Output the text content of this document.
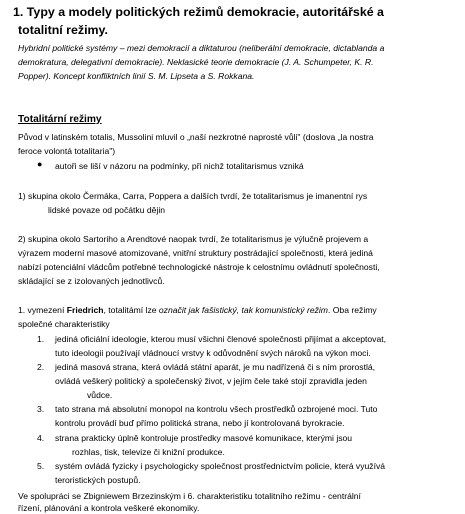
1. Typy a modely politických režimů demokracie, autoritářské a
totalitní režimy.
Hybridní politické systémy – mezi demokracií a diktaturou (neliberální demokracie, dictablanda a
demokratura, delegativní demokracie). Neklasické teorie demokracie (J. A. Schumpeter, K. R.
Popper). Koncept konfliktních linií S. M. Lipseta a S. Rokkana.
Totalitární režimy
Původ v latinském totalis, Mussolini mluvil o „naší nezkrotné naprosté vůli" (doslova „la nostra
feroce volontá totalitaria")
● autoři se liší v názoru na podmínky, při nichž totalitarismus vzniká
1) skupina okolo Čermáka, Carra, Poppera a dalších tvrdí, že totalitarismus je imanentní rys
lidské povaze od počátku dějin
2) skupina okolo Sartoriho a Arendtové naopak tvrdí, že totalitarismus je výlučně projevem a
výrazem moderní masové atomizované, vnitřní struktury postrádající společnosti, která jediná
nabízí potenciální vládcům potřebné technologické nástroje k celostnímu ovládnutí společnosti,
skládající se z izolovaných jednotlivců.
1. vymezení Friedrich, totalitámí lze označit jak fašistický, tak komunistický režim. Oba režimy
společné charakteristiky
1. jediná oficiální ideologie, kterou musí všichni členové společnosti přijímat a akceptovat,
tuto ideologii používají vládnoucí vrstvy k odůvodnění svých nároků na výkon moci.
2. jediná masová strana, která ovládá státní aparát, je mu nadřízená či s ním prorostlá,
ovládá veškerý politický a společenský život, v jejím čele také stojí zpravidla jeden
vůdce.
3. tato strana má absolutní monopol na kontrolu všech prostředků ozbrojené moci. Tuto
kontrolu provádí buď přímo politická strana, nebo jí kontrolovaná byrokracie.
4. strana prakticky úplně kontroluje prostředky masové komunikace, kterými jsou
rozhlas, tisk, televize či knižní produkce.
5. systém ovládá fyzicky i psychologicky společnost prostřednictvím policie, která využívá
teroristických postupů.
Ve spolupráci se Zbigniewem Brzezinským i 6. charakteristiku totalitního režimu - centrální
řízení, plánování a kontrola veškeré ekonomiky.
